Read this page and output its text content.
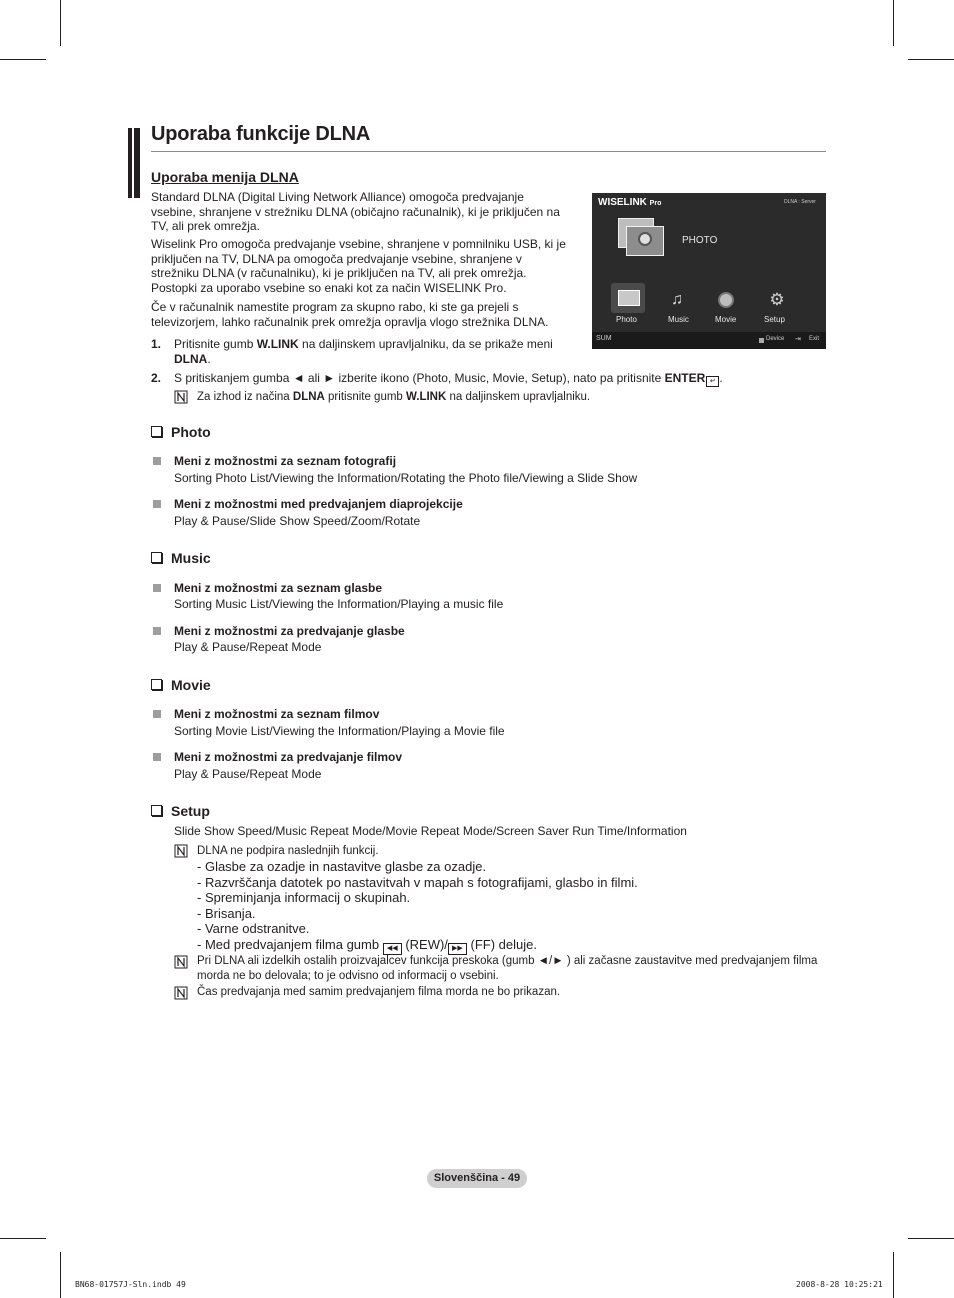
Uporaba funkcije DLNA
Uporaba menija DLNA

Standard DLNA (Digital Living Network Alliance) omogoča predvajanje vsebine, shranjene v strežniku DLNA (običajno računalnik), ki je priključen na TV, ali prek omrežja.

Wiselink Pro omogoča predvajanje vsebine, shranjene v pomnilniku USB, ki je priključen na TV, DLNA pa omogoča predvajanje vsebine, shranjene v strežniku DLNA (v računalniku), ki je priključen na TV, ali prek omrežja. Postopki za uporabo vsebine so enaki kot za način WISELINK Pro.

Če v računalnik namestite program za skupno rabo, ki ste ga prejeli s televizorjem, lahko računalnik prek omrežja opravlja vlogo strežnika DLNA.

WISELINK Pro	DLNA : Server
PHOTO
♫	⚙
Photo	Music	Movie	Setup
SUM	Device ⇥ Exit
1. Pritisnite gumb W.LINK na daljinskem upravljalniku, da se prikaže meni DLNA.
2. S pritiskanjem gumba ◄ ali ► izberite ikono (Photo, Music, Movie, Setup), nato pa pritisnite ENTER ↵ .
Za izhod iz načina DLNA pritisnite gumb W.LINK na daljinskem upravljalniku.
Photo
Meni z možnostmi za seznam fotografij
Sorting Photo List/Viewing the Information/Rotating the Photo file/Viewing a Slide Show
Meni z možnostmi med predvajanjem diaprojekcije
Play & Pause/Slide Show Speed/Zoom/Rotate
Music
Meni z možnostmi za seznam glasbe
Sorting Music List/Viewing the Information/Playing a music file
Meni z možnostmi za predvajanje glasbe
Play & Pause/Repeat Mode
Movie
Meni z možnostmi za seznam filmov
Sorting Movie List/Viewing the Information/Playing a Movie file
Meni z možnostmi za predvajanje filmov
Play & Pause/Repeat Mode
Setup
Slide Show Speed/Music Repeat Mode/Movie Repeat Mode/Screen Saver Run Time/Information
DLNA ne podpira naslednjih funkcij.
- Glasbe za ozadje in nastavitve glasbe za ozadje.
- Razvrščanja datotek po nastavitvah v mapah s fotografijami, glasbo in filmi.
- Spreminjanja informacij o skupinah.
- Brisanja.
- Varne odstranitve.
- Med predvajanjem filma gumb ◀◀ (REW)/ ▶▶ (FF) deluje.
Pri DLNA ali izdelkih ostalih proizvajalcev funkcija preskoka (gumb ◄/► ) ali začasne zaustavitve med predvajanjem filma morda ne bo delovala; to je odvisno od informacij o vsebini.
Čas predvajanja med samim predvajanjem filma morda ne bo prikazan.
Slovenščina - 49
BN68-01757J-Sln.indb 49	2008-8-28 10:25:21
